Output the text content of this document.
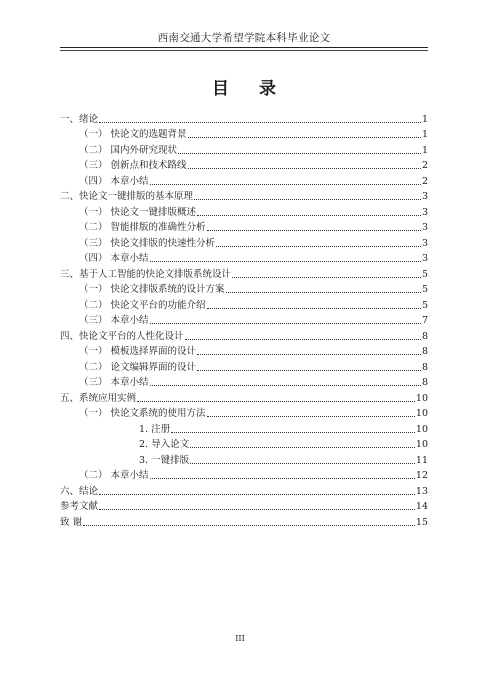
西南交通大学希望学院本科毕业论文
目 录
一、绪论	1
（一） 快论文的选题背景	1
（二） 国内外研究现状	1
（三） 创新点和技术路线	2
（四） 本章小结	2
二、快论文一键排版的基本原理	3
（一） 快论文一键排版概述	3
（二） 智能排版的准确性分析	3
（三） 快论文排版的快速性分析	3
（四） 本章小结	3
三、基于人工智能的快论文排版系统设计	5
（一） 快论文排版系统的设计方案	5
（二） 快论文平台的功能介绍	5
（三） 本章小结	7
四、快论文平台的人性化设计	8
（一） 模板选择界面的设计	8
（二） 论文编辑界面的设计	8
（三） 本章小结	8
五、系统应用实例	10
（一） 快论文系统的使用方法	10
1. 注册	10
2. 导入论文	10
3. 一键排版	11
（二） 本章小结	12
六、结论	13
参考文献	14
致 谢	15
III
